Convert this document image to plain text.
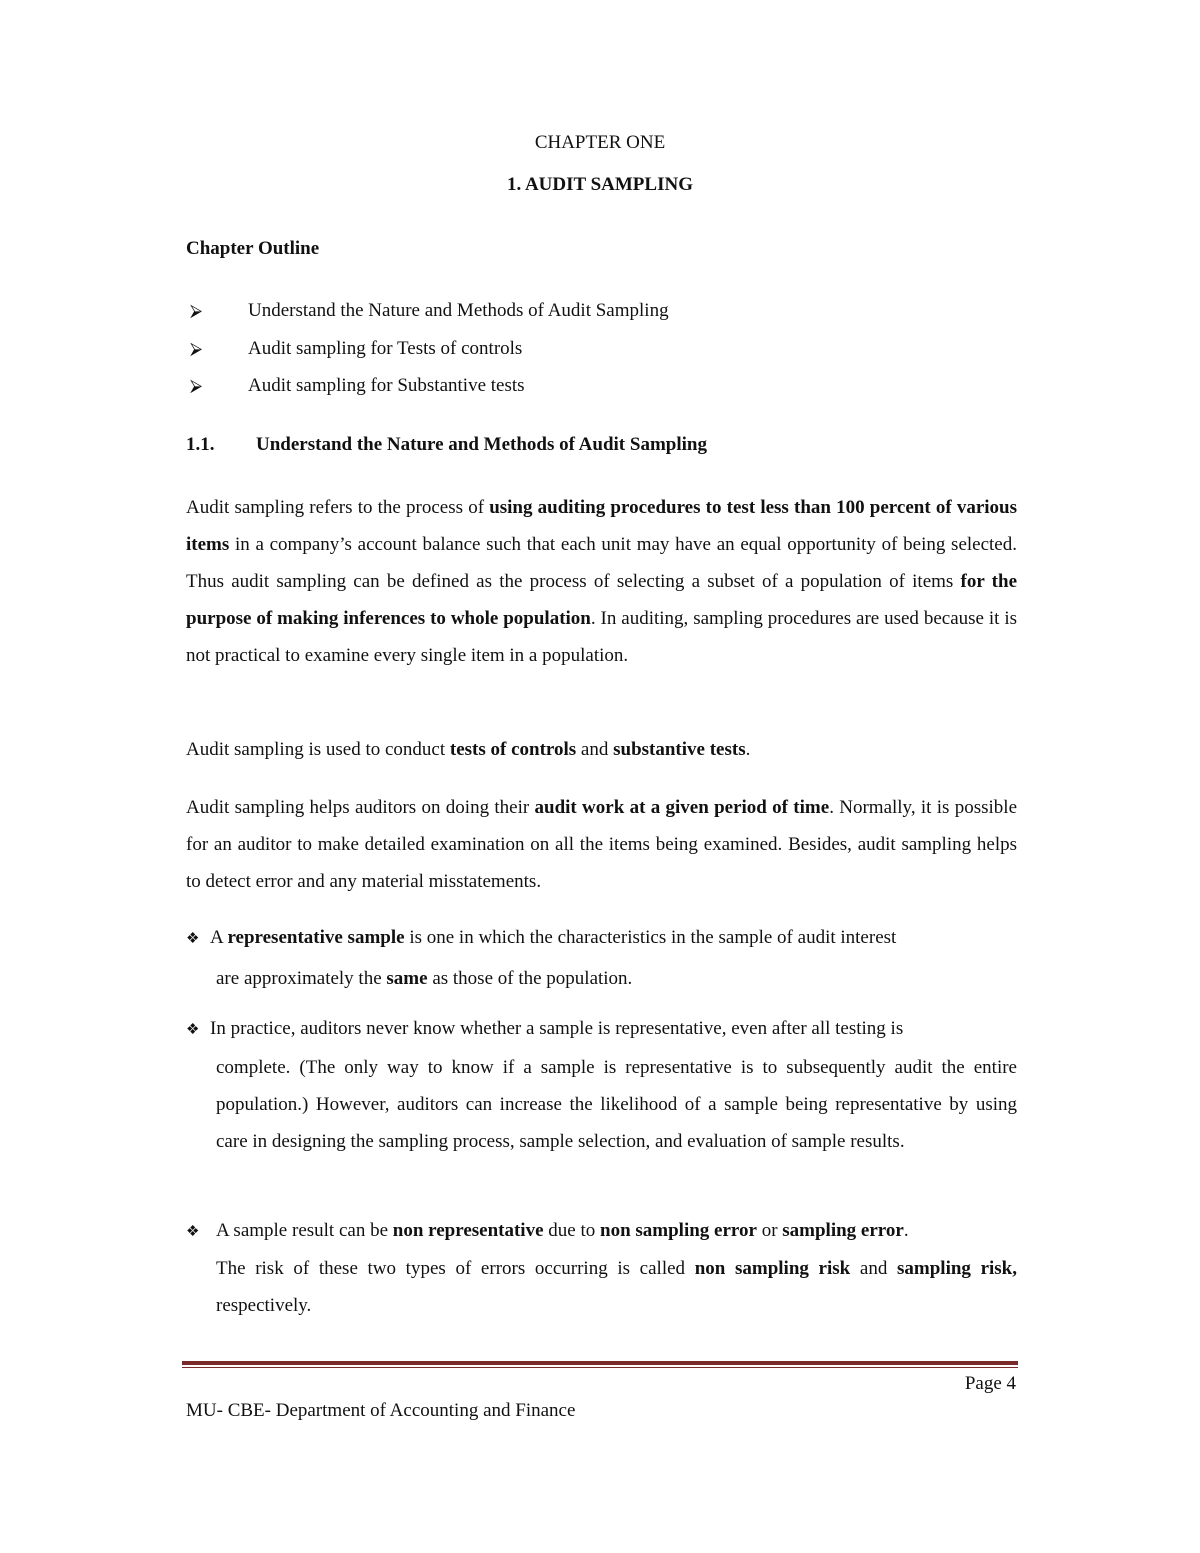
CHAPTER ONE
1. AUDIT SAMPLING
Chapter Outline
⮚ Understand the Nature and Methods of Audit Sampling
⮚ Audit sampling for Tests of controls
⮚ Audit sampling for Substantive tests
1.1. Understand the Nature and Methods of Audit Sampling
Audit sampling refers to the process of using auditing procedures to test less than 100 percent of various items in a company’s account balance such that each unit may have an equal opportunity of being selected. Thus audit sampling can be defined as the process of selecting a subset of a population of items for the purpose of making inferences to whole population. In auditing, sampling procedures are used because it is not practical to examine every single item in a population.
Audit sampling is used to conduct tests of controls and substantive tests.
Audit sampling helps auditors on doing their audit work at a given period of time. Normally, it is possible for an auditor to make detailed examination on all the items being examined. Besides, audit sampling helps to detect error and any material misstatements.
❖ A representative sample is one in which the characteristics in the sample of audit interest
are approximately the same as those of the population.
❖ In practice, auditors never know whether a sample is representative, even after all testing is
complete. (The only way to know if a sample is representative is to subsequently audit the entire population.) However, auditors can increase the likelihood of a sample being representative by using care in designing the sampling process, sample selection, and evaluation of sample results.
❖ A sample result can be non representative due to non sampling error or sampling error.
The risk of these two types of errors occurring is called non sampling risk and sampling risk, respectively.
Page 4
MU- CBE- Department of Accounting and Finance
